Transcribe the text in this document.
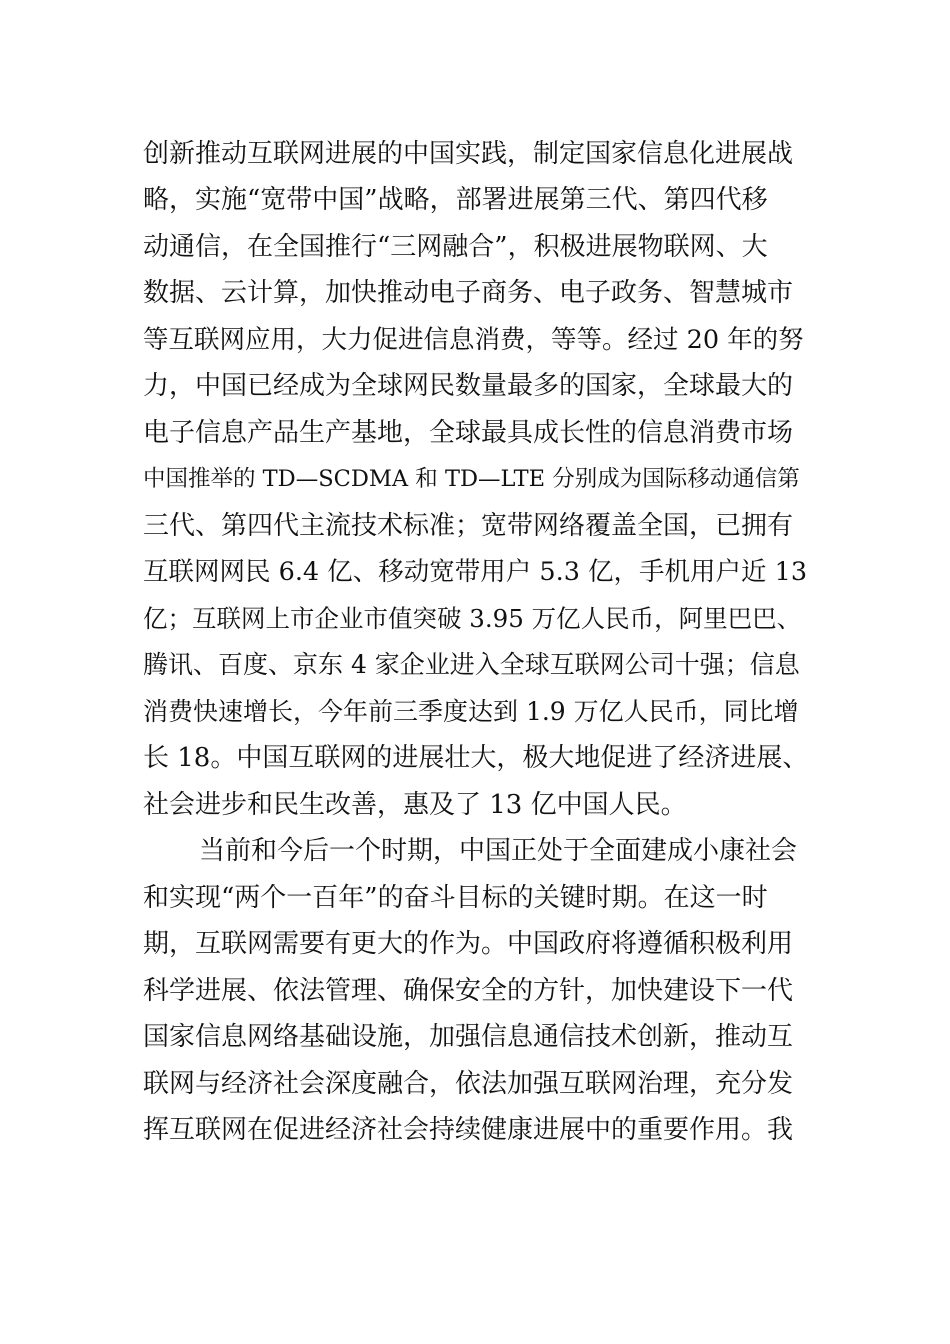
创新推动互联网进展的中国实践，制定国家信息化进展战
略，实施“宽带中国”战略，部署进展第三代、第四代移
动通信，在全国推行“三网融合”，积极进展物联网、大
数据、云计算，加快推动电子商务、电子政务、智慧城市
等互联网应用，大力促进信息消费，等等。经过 20 年的努
力，中国已经成为全球网民数量最多的国家，全球最大的
电子信息产品生产基地，全球最具成长性的信息消费市场
中国推举的 TD—SCDMA 和 TD—LTE 分别成为国际移动通信第
三代、第四代主流技术标准；宽带网络覆盖全国，已拥有
互联网网民 6.4 亿、移动宽带用户 5.3 亿，手机用户近 13
亿；互联网上市企业市值突破 3.95 万亿人民币，阿里巴巴、
腾讯、百度、京东 4 家企业进入全球互联网公司十强；信息
消费快速增长，今年前三季度达到 1.9 万亿人民币，同比增
长 18。中国互联网的进展壮大，极大地促进了经济进展、
社会进步和民生改善，惠及了 13 亿中国人民。
当前和今后一个时期，中国正处于全面建成小康社会
和实现“两个一百年”的奋斗目标的关键时期。在这一时
期，互联网需要有更大的作为。中国政府将遵循积极利用
科学进展、依法管理、确保安全的方针，加快建设下一代
国家信息网络基础设施，加强信息通信技术创新，推动互
联网与经济社会深度融合，依法加强互联网治理，充分发
挥互联网在促进经济社会持续健康进展中的重要作用。我
